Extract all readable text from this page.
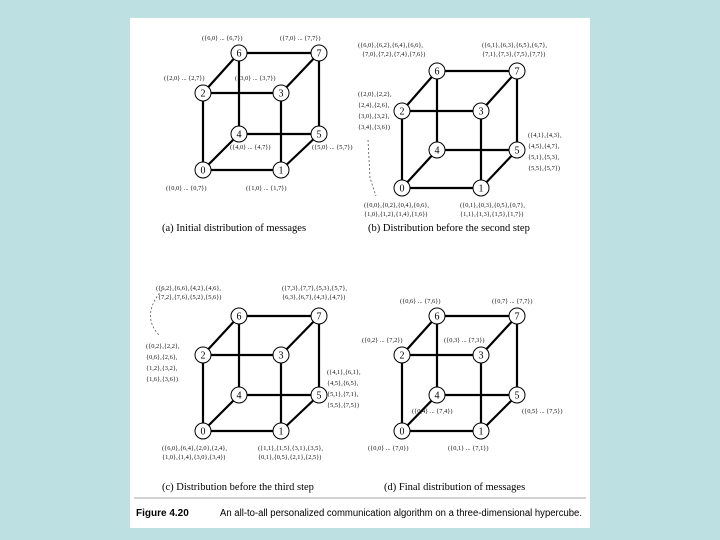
6	7
2	3
4	5
0	1
({6,0} ... {6,7})	({7,0} ... {7,7})
({2,0} ... {2,7})	({3,0} ... {3,7})
({4,0} ... {4,7})	({5,0} ... {5,7})
({0,0} ... {0,7})	({1,0} ... {1,7})
(a) Initial distribution of messages
6	7
2	3
4	5
0	1
({6,0},{6,2},{6,4},{6,6},
{7,0},{7,2},{7,4},{7,6})
({6,1},{6,3},{6,5},{6,7},
{7,1},{7,3},{7,5},{7,7})
({2,0},{2,2},
{2,4},{2,6},
{3,0},{3,2},
{3,4},{3,6})
({4,1},{4,3},
{4,5},{4,7},
{5,1},{5,3},
{5,5},{5,7})
({0,0},{0,2},{0,4},{0,6},
{1,0},{1,2},{1,4},{1,6})
({0,1},{0,3},{0,5},{0,7},
{1,1},{1,3},{1,5},{1,7})
(b) Distribution before the second step
6	7
2	3
4	5
0	1
({6,2},{6,6},{4,2},{4,6},
{7,2},{7,6},{5,2},{5,6})
({7,3},{7,7},{5,3},{5,7},
{6,3},{6,7},{4,3},{4,7})
({0,2},{2,2},
{0,6},{2,6},
{1,2},{3,2},
{1,6},{3,6})
({4,1},{6,1},
{4,5},{6,5},
{5,1},{7,1},
{5,5},{7,5})
({6,0},{6,4},{2,0},{2,4},
{1,0},{1,4},{3,0},{3,4})
({1,1},{1,5},{3,1},{3,5},
{0,1},{0,5},{2,1},{2,5})
(c) Distribution before the third step
6	7
2	3
4	5
0	1
({0,6} ... {7,6})	({0,7} ... {7,7})
({0,2} ... {7,2})	({0,3} ... {7,3})
({0,4} ... {7,4})	({0,5} ... {7,5})
({0,0} ... {7,0})	({0,1} ... {7,1})
(d) Final distribution of messages
Figure 4.20	An all-to-all personalized communication algorithm on a three-dimensional hypercube.
